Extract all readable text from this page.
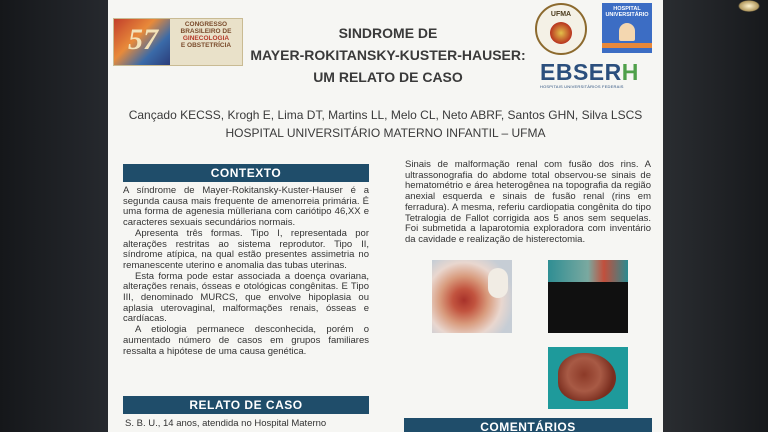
57	CONGRESSO
BRASILEIRO DE
GINECOLOGIA
E OBSTETRÍCIA
SINDROME DE
MAYER-ROKITANSKY-KUSTER-HAUSER:
UM RELATO DE CASO
UFMA
HOSPITAL UNIVERSITÁRIO
EBSERH
HOSPITAIS UNIVERSITÁRIOS FEDERAIS
Cançado KECSS, Krogh E, Lima DT, Martins LL, Melo CL, Neto ABRF, Santos GHN, Silva LSCS
HOSPITAL UNIVERSITÁRIO MATERNO INFANTIL – UFMA
CONTEXTO

A síndrome de Mayer-Rokitansky-Kuster-Hauser é a segunda causa mais frequente de amenorreia primária. É uma forma de agenesia mülleriana com cariótipo 46,XX e caracteres sexuais secundários normais.

Apresenta três formas. Tipo I, representada por alterações restritas ao sistema reprodutor. Tipo II, síndrome atípica, na qual estão presentes assimetria no remanescente uterino e anomalia das tubas uterinas.

Esta forma pode estar associada a doença ovariana, alterações renais, ósseas e otológicas congênitas. E Tipo III, denominado MURCS, que envolve hipoplasia ou aplasia uterovaginal, malformações renais, ósseas e cardíacas.

A etiologia permanece desconhecida, porém o aumentado número de casos em grupos familiares ressalta a hipótese de uma causa genética.

RELATO DE CASO
S. B. U., 14 anos, atendida no Hospital Materno

Sinais de malformação renal com fusão dos rins. A ultrassonografia do abdome total observou-se sinais de hematométrio e área heterogênea na topografia da região anexial esquerda e sinais de fusão renal (rins em ferradura). A mesma, referiu cardiopatia congênita do tipo Tetralogia de Fallot corrigida aos 5 anos sem sequelas. Foi submetida a laparotomia exploradora com inventário da cavidade e realização de histerectomia.

COMENTÁRIOS
